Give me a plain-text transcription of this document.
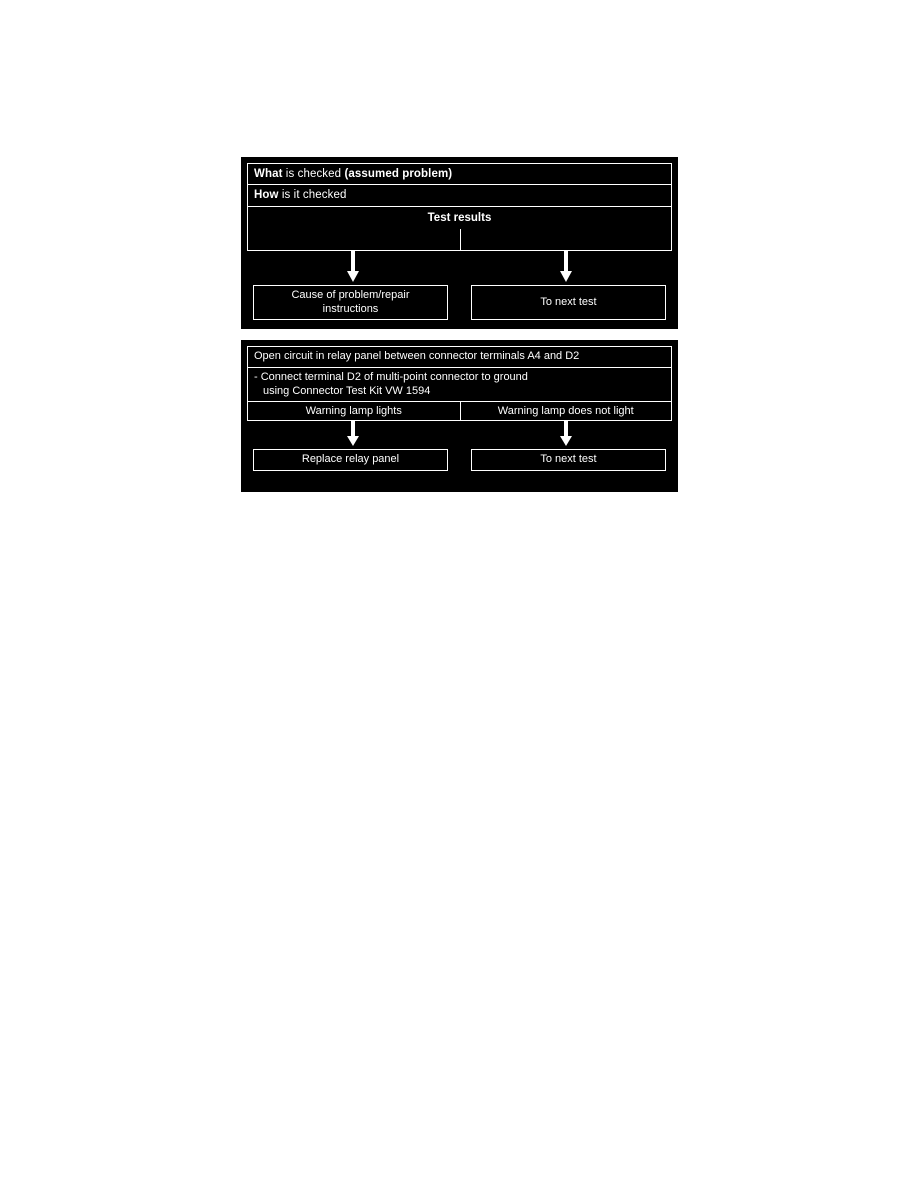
What is checked (assumed problem)
How is it checked
Test results
Cause of problem/repair
instructions
To next test
Open circuit in relay panel between connector terminals A4 and D2
- Connect terminal D2 of multi-point connector to ground
using Connector Test Kit VW 1594
Warning lamp lights	Warning lamp does not light
Replace relay panel	To next test
